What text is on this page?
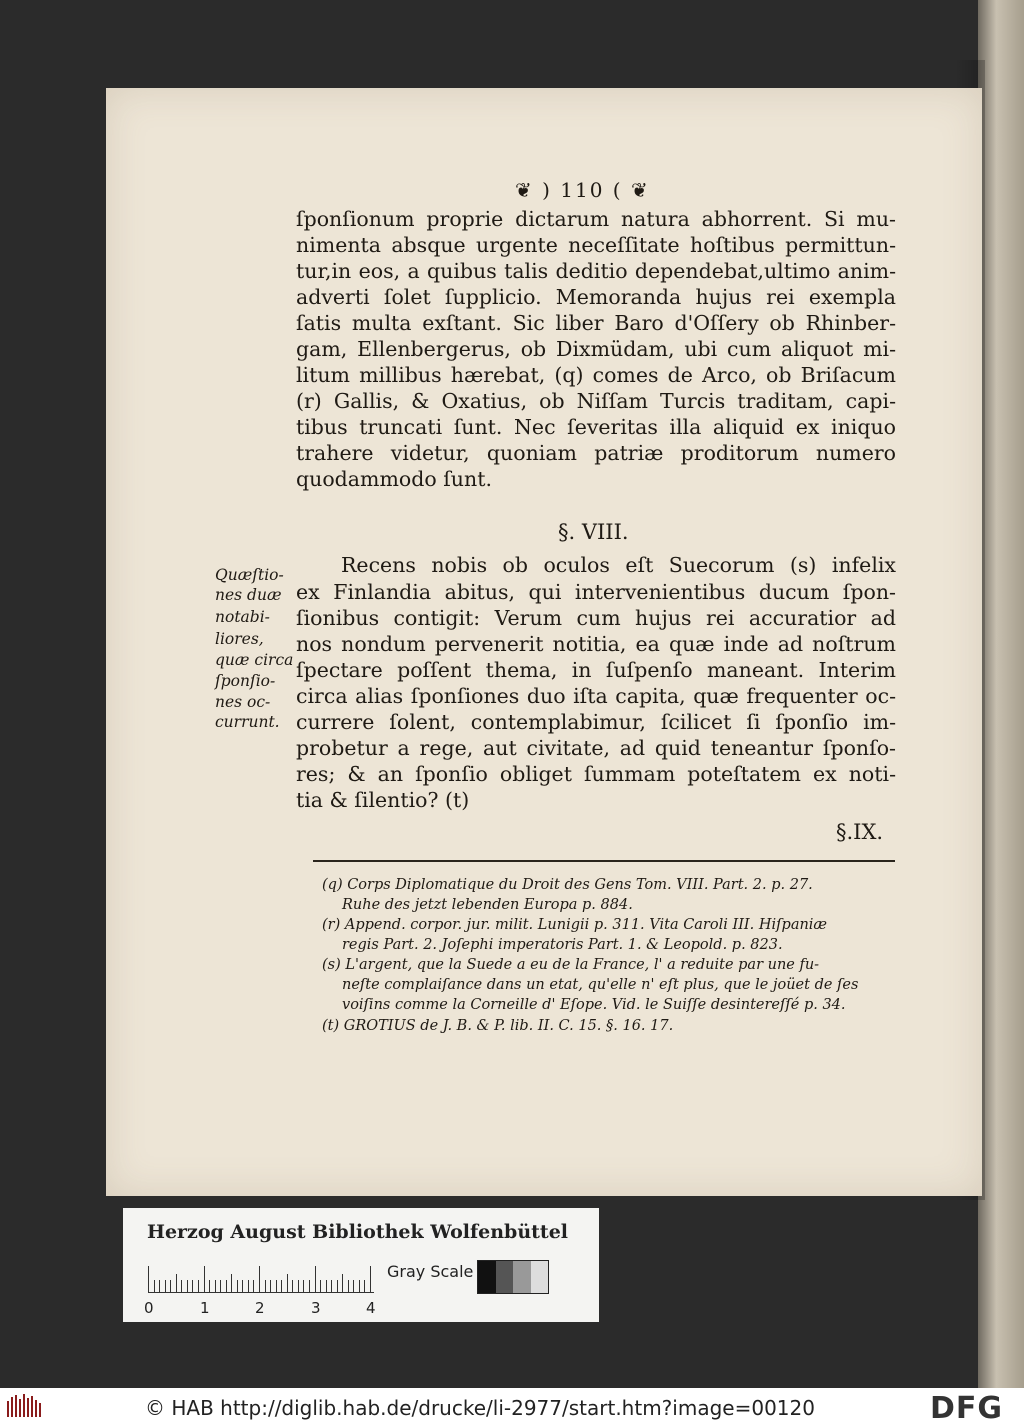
❦ ) 110 ( ❦
ſponſionum proprie dictarum natura abhorrent. Si mu-
nimenta absque urgente neceſſitate hoſtibus permittun-
tur,in eos, a quibus talis deditio dependebat,ultimo anim-
adverti ſolet ſupplicio. Memoranda hujus rei exempla
ſatis multa exſtant. Sic liber Baro d'Oſſery ob Rhinber-
gam, Ellenbergerus, ob Dixmüdam, ubi cum aliquot mi-
litum millibus hærebat, (q) comes de Arco, ob Briſacum
(r) Gallis, & Oxatius, ob Niſſam Turcis traditam, capi-
tibus truncati ſunt. Nec ſeveritas illa aliquid ex iniquo
trahere videtur, quoniam patriæ proditorum numero
quodammodo ſunt.
§. VIII.
Recens nobis ob oculos eſt Suecorum (s) infelix
ex Finlandia abitus, qui intervenientibus ducum ſpon-
ſionibus contigit: Verum cum hujus rei accuratior ad
nos nondum pervenerit notitia, ea quæ inde ad noſtrum
ſpectare poſſent thema, in ſuſpenſo maneant. Interim
circa alias ſponſiones duo iſta capita, quæ frequenter oc-
currere ſolent, contemplabimur, ſcilicet ſi ſponſio im-
probetur a rege, aut civitate, ad quid teneantur ſponſo-
res; & an ſponſio obliget ſummam poteſtatem ex noti-
tia & ſilentio? (t)
Quæſtio-
nes duæ
notabi-
liores,
quæ circa
ſponſio-
nes oc-
currunt.
§.IX.
(q) Corps Diplomatique du Droit des Gens Tom. VIII. Part. 2. p. 27.
Ruhe des jetzt lebenden Europa p. 884.
(r) Append. corpor. jur. milit. Lunigii p. 311. Vita Caroli III. Hiſpaniæ
regis Part. 2. Joſephi imperatoris Part. 1. & Leopold. p. 823.
(s) L'argent, que la Suede a eu de la France, l' a reduite par une fu-
neſte complaiſance dans un etat, qu'elle n' eſt plus, que le joüet de ſes
voiſins comme la Corneille d' Eſope. Vid. le Suiſſe desintereſſé p. 34.
(t) GROTIUS de J. B. & P. lib. II. C. 15. §. 16. 17.
Herzog August Bibliothek Wolfenbüttel
0	1	2	3	4
Gray Scale
© HAB http://diglib.hab.de/drucke/li-2977/start.htm?image=00120	DFG
